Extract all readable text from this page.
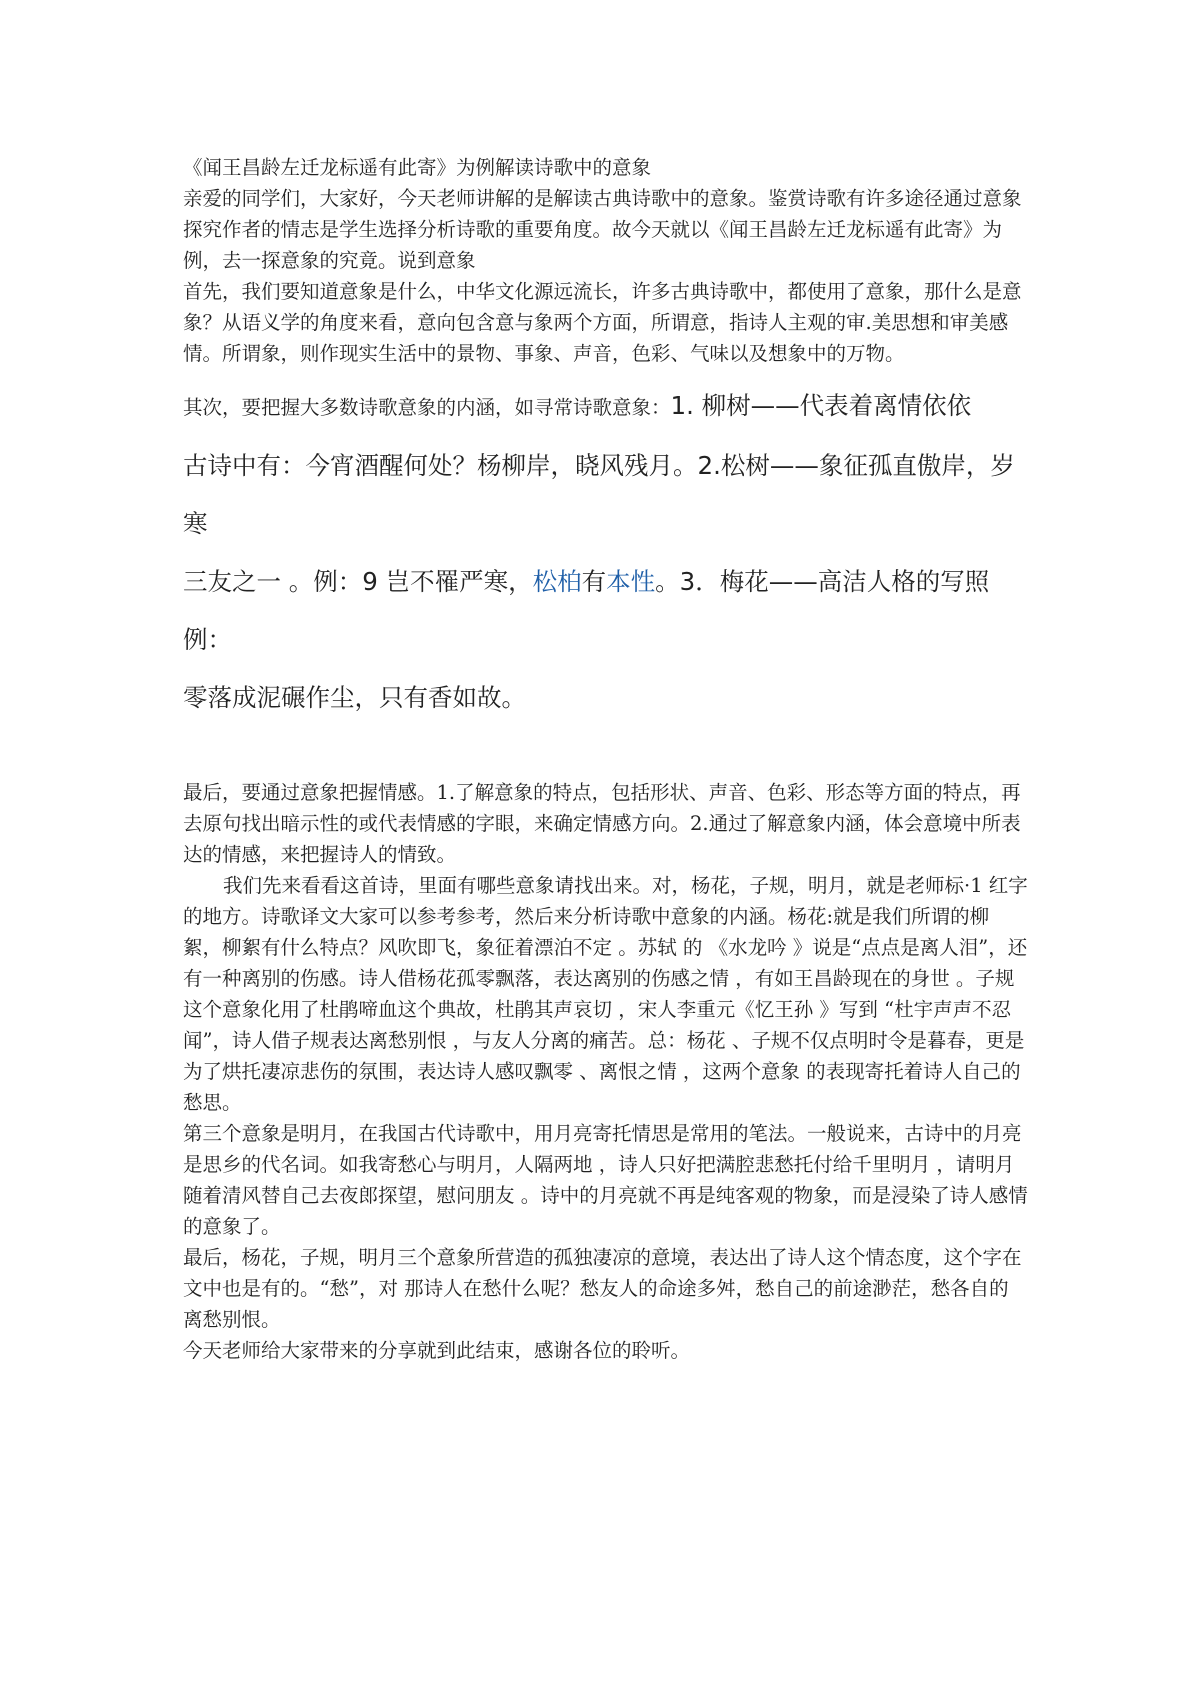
《闻王昌龄左迁龙标遥有此寄》为例解读诗歌中的意象

亲爱的同学们，大家好，今天老师讲解的是解读古典诗歌中的意象。鉴赏诗歌有许多途径通过意象探究作者的情志是学生选择分析诗歌的重要角度。故今天就以《闻王昌龄左迁龙标遥有此寄》为例，去一探意象的究竟。说到意象

首先，我们要知道意象是什么，中华文化源远流长，许多古典诗歌中，都使用了意象，那什么是意象？从语义学的角度来看，意向包含意与象两个方面，所谓意，指诗人主观的审.美思想和审美感情。所谓象，则作现实生活中的景物、事象、声音，色彩、气味以及想象中的万物。

其次，要把握大多数诗歌意象的内涵，如寻常诗歌意象：1. 柳树——代表着离情依依

古诗中有：今宵酒醒何处？杨柳岸，晓风残月。2.松树——象征孤直傲岸，岁寒

三友之一 。例：9 岂不罹严寒，松柏有本性。3．梅花——高洁人格的写照 例：

零落成泥碾作尘，只有香如故。

最后，要通过意象把握情感。1.了解意象的特点，包括形状、声音、色彩、形态等方面的特点，再去原句找出暗示性的或代表情感的字眼，来确定情感方向。2.通过了解意象内涵，体会意境中所表达的情感，来把握诗人的情致。

我们先来看看这首诗，里面有哪些意象请找出来。对，杨花，子规，明月，就是老师标·1 红字的地方。诗歌译文大家可以参考参考，然后来分析诗歌中意象的内涵。杨花:就是我们所谓的柳絮，柳絮有什么特点？风吹即飞，象征着漂泊不定 。苏轼 的 《水龙吟 》说是“点点是离人泪”，还有一种离别的伤感。诗人借杨花孤零飘落，表达离别的伤感之情 ，有如王昌龄现在的身世 。子规这个意象化用了杜鹃啼血这个典故，杜鹃其声哀切 ，宋人李重元《忆王孙 》写到 “杜宇声声不忍闻”，诗人借子规表达离愁别恨 ，与友人分离的痛苦。总：杨花 、子规不仅点明时令是暮春，更是为了烘托凄凉悲伤的氛围，表达诗人感叹飘零 、离恨之情 ，这两个意象 的表现寄托着诗人自己的愁思。

第三个意象是明月，在我国古代诗歌中，用月亮寄托情思是常用的笔法。一般说来，古诗中的月亮是思乡的代名词。如我寄愁心与明月，人隔两地 ，诗人只好把满腔悲愁托付给千里明月 ，请明月随着清风替自己去夜郎探望，慰问朋友 。诗中的月亮就不再是纯客观的物象，而是浸染了诗人感情的意象了。

最后，杨花，子规，明月三个意象所营造的孤独凄凉的意境，表达出了诗人这个情态度，这个字在文中也是有的。“愁”，对 那诗人在愁什么呢？愁友人的命途多舛，愁自己的前途渺茫，愁各自的离愁别恨。

今天老师给大家带来的分享就到此结束，感谢各位的聆听。
